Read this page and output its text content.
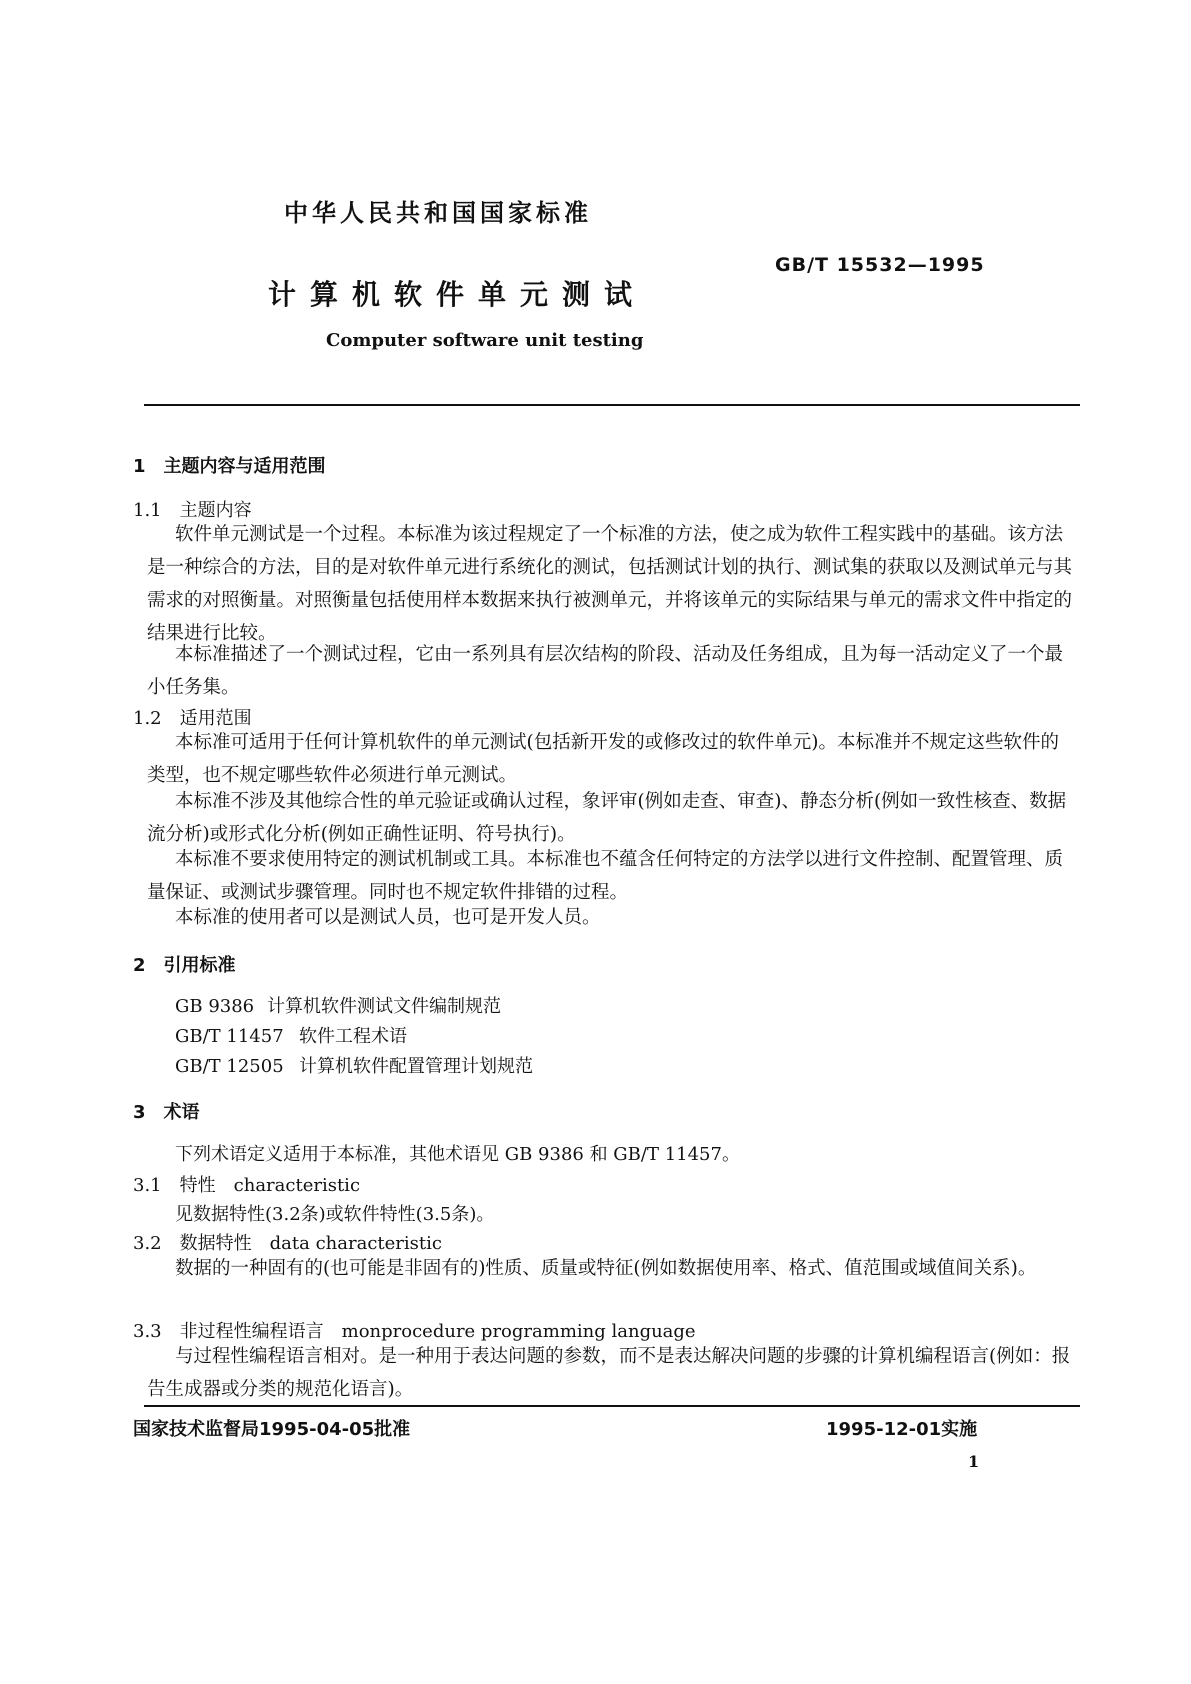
中华人民共和国国家标准
GB/T 15532—1995
计算机软件单元测试
Computer software unit testing
1　主题内容与适用范围
1.1　主题内容
软件单元测试是一个过程。本标准为该过程规定了一个标准的方法，使之成为软件工程实践中的基础。该方法是一种综合的方法，目的是对软件单元进行系统化的测试，包括测试计划的执行、测试集的获取以及测试单元与其需求的对照衡量。对照衡量包括使用样本数据来执行被测单元，并将该单元的实际结果与单元的需求文件中指定的结果进行比较。
本标准描述了一个测试过程，它由一系列具有层次结构的阶段、活动及任务组成，且为每一活动定义了一个最小任务集。
1.2　适用范围
本标准可适用于任何计算机软件的单元测试(包括新开发的或修改过的软件单元)。本标准并不规定这些软件的类型，也不规定哪些软件必须进行单元测试。
本标准不涉及其他综合性的单元验证或确认过程，象评审(例如走查、审查)、静态分析(例如一致性核查、数据流分析)或形式化分析(例如正确性证明、符号执行)。
本标准不要求使用特定的测试机制或工具。本标准也不蕴含任何特定的方法学以进行文件控制、配置管理、质量保证、或测试步骤管理。同时也不规定软件排错的过程。
本标准的使用者可以是测试人员，也可是开发人员。
2　引用标准
GB 9386 计算机软件测试文件编制规范
GB/T 11457 软件工程术语
GB/T 12505 计算机软件配置管理计划规范
3　术语
下列术语定义适用于本标准，其他术语见 GB 9386 和 GB/T 11457。
3.1　 特性　 characteristic
见数据特性(3.2条)或软件特性(3.5条)。
3.2　 数据特性　 data characteristic
数据的一种固有的(也可能是非固有的)性质、质量或特征(例如数据使用率、格式、值范围或域值间关系)。
3.3　 非过程性编程语言　 monprocedure programming language
与过程性编程语言相对。是一种用于表达问题的参数，而不是表达解决问题的步骤的计算机编程语言(例如：报告生成器或分类的规范化语言)。
国家技术监督局1995-04-05批准	1995-12-01实施
1
